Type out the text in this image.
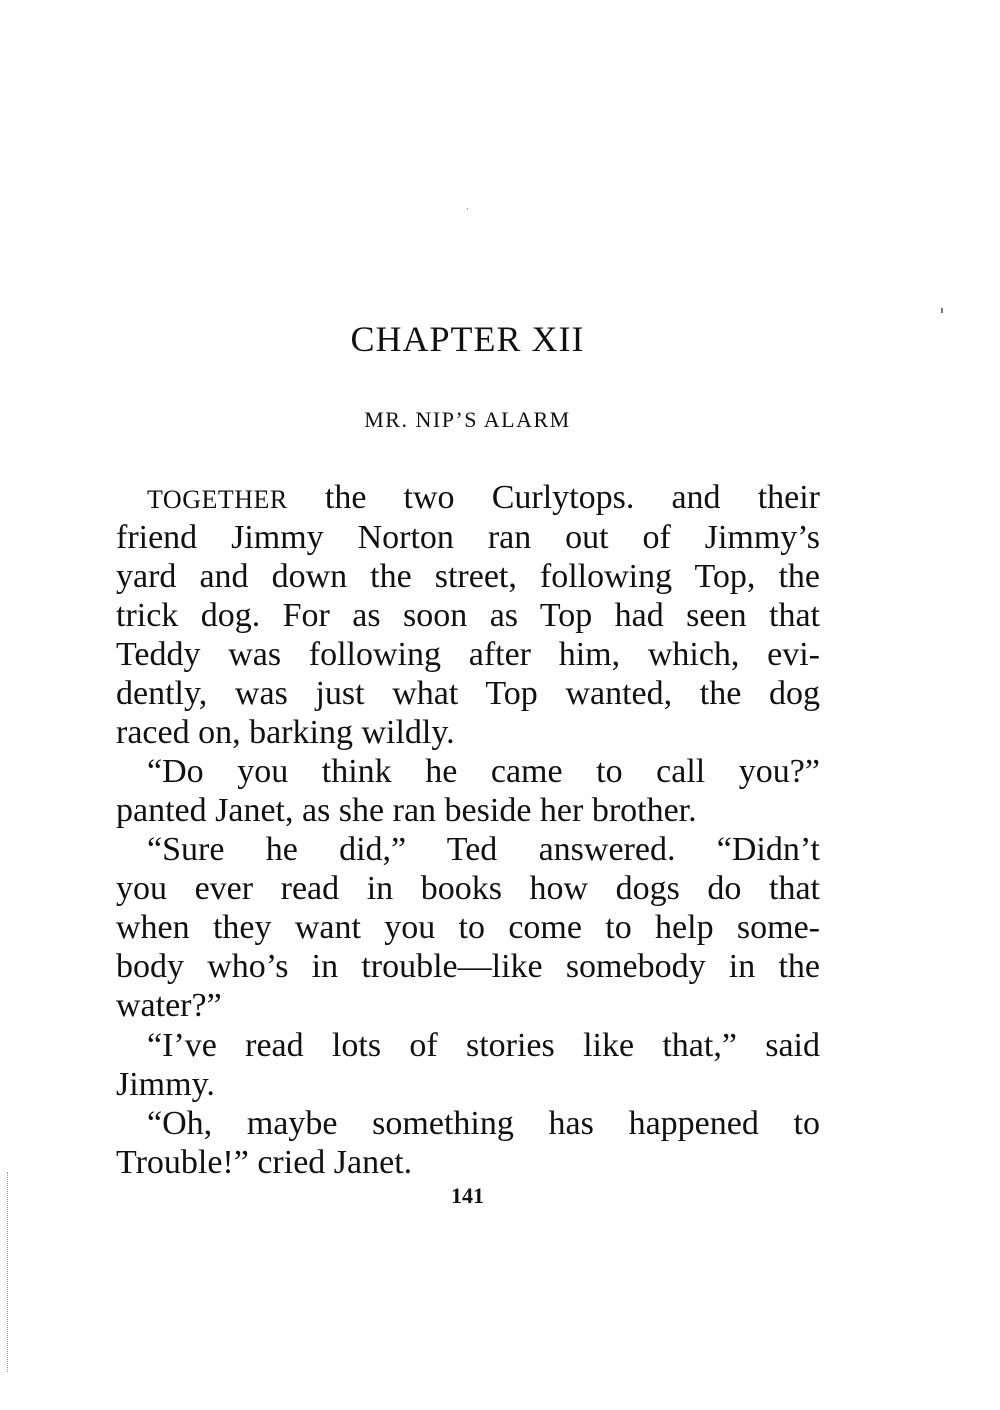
CHAPTER XII
MR. NIP’S ALARM
TOGETHER the two Curlytops. and their
friend Jimmy Norton ran out of Jimmy’s
yard and down the street, following Top, the
trick dog. For as soon as Top had seen that
Teddy was following after him, which, evi-
dently, was just what Top wanted, the dog
raced on, barking wildly.
“Do you think he came to call you?”
panted Janet, as she ran beside her brother.
“Sure he did,” Ted answered. “Didn’t
you ever read in books how dogs do that
when they want you to come to help some-
body who’s in trouble—like somebody in the
water?”
“I’ve read lots of stories like that,” said
Jimmy.
“Oh, maybe something has happened to
Trouble!” cried Janet.
141
